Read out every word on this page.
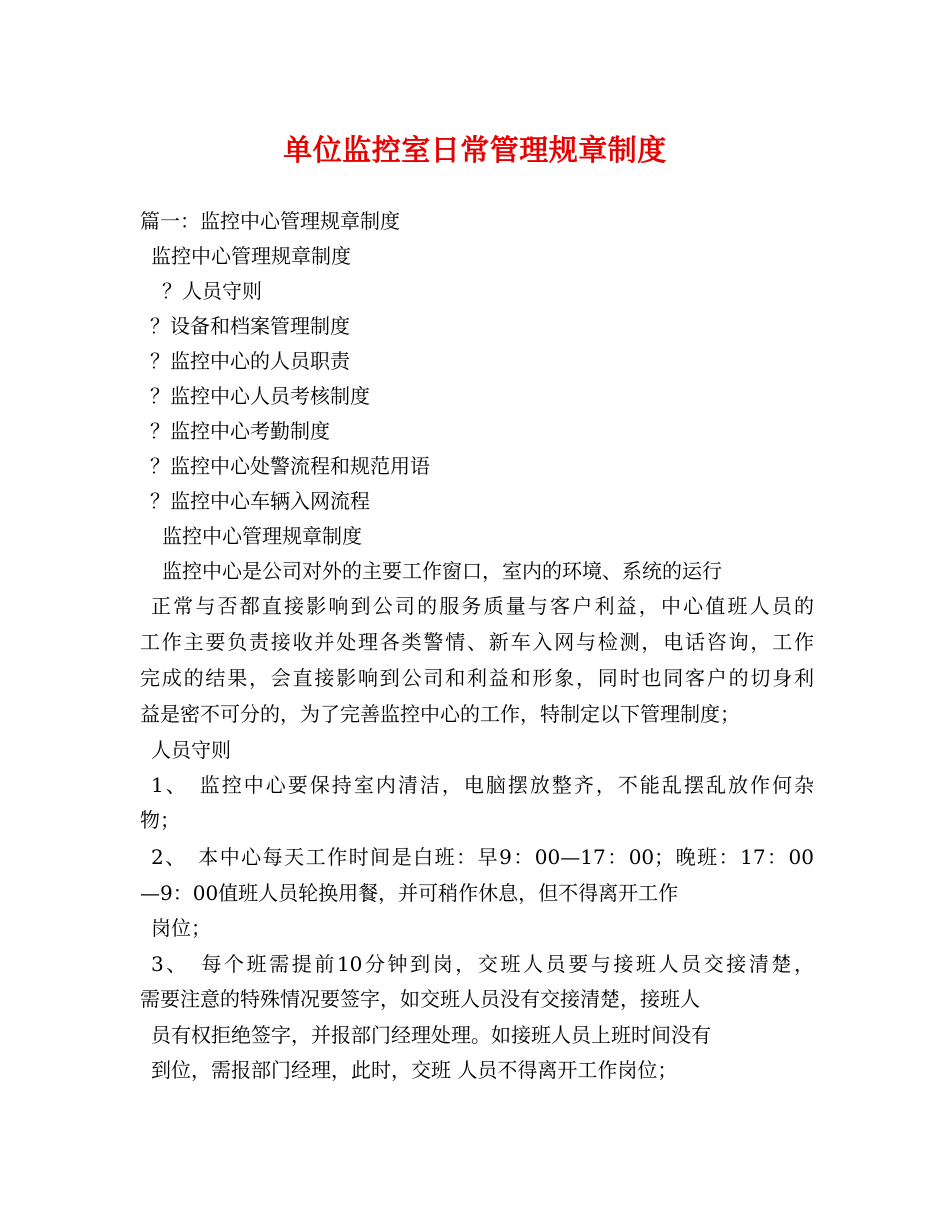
单位监控室日常管理规章制度
篇一：监控中心管理规章制度
监控中心管理规章制度
？人员守则
？设备和档案管理制度
？监控中心的人员职责
？监控中心人员考核制度
？监控中心考勤制度
？监控中心处警流程和规范用语
？监控中心车辆入网流程
监控中心管理规章制度
监控中心是公司对外的主要工作窗口，室内的环境、系统的运行
正常与否都直接影响到公司的服务质量与客户利益，中心值班人员的
工作主要负责接收并处理各类警情、新车入网与检测，电话咨询，工作
完成的结果，会直接影响到公司和利益和形象，同时也同客户的切身利
益是密不可分的，为了完善监控中心的工作，特制定以下管理制度；
人员守则
1、　监控中心要保持室内清洁，电脑摆放整齐，不能乱摆乱放作何杂
物；
2、　本中心每天工作时间是白班：早9：00—17：00；晚班：17：00
—9：00值班人员轮换用餐，并可稍作休息，但不得离开工作
岗位；
3、　每个班需提前10分钟到岗，交班人员要与接班人员交接清楚，
需要注意的特殊情况要签字，如交班人员没有交接清楚，接班人
员有权拒绝签字，并报部门经理处理。如接班人员上班时间没有
到位，需报部门经理，此时，交班 人员不得离开工作岗位；
